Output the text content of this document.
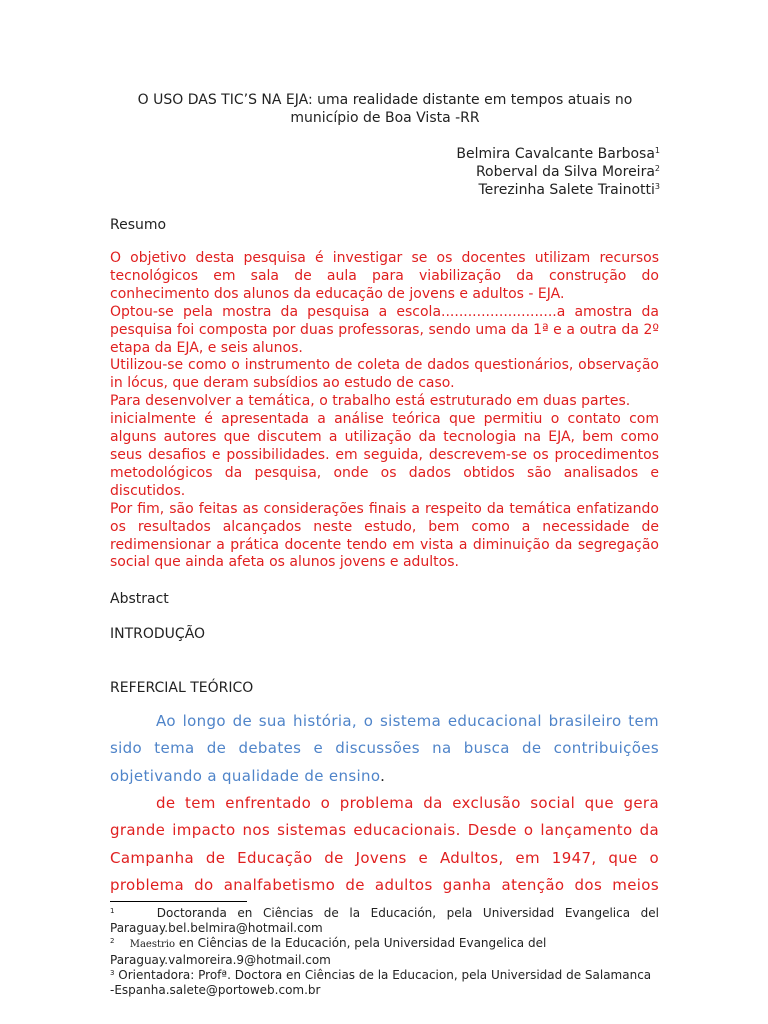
O USO DAS TIC’S NA EJA: uma realidade distante em tempos atuais no
município de Boa Vista -RR
Belmira Cavalcante Barbosa$^1$
Roberval da Silva Moreira$^2$
Terezinha Salete Trainotti$^3$
Resumo

O objetivo desta pesquisa é investigar se os docentes utilizam recursos tecnológicos em sala de aula para viabilização da construção do conhecimento dos alunos da educação de jovens e adultos - EJA.

Optou-se pela mostra da pesquisa a escola..........................a amostra da pesquisa foi composta por duas professoras, sendo uma da 1ª e a outra da 2º etapa da EJA, e seis alunos.

Utilizou-se como o instrumento de coleta de dados questionários, observação in lócus, que deram subsídios ao estudo de caso.

Para desenvolver a temática, o trabalho está estruturado em duas partes.

inicialmente é apresentada a análise teórica que permitiu o contato com alguns autores que discutem a utilização da tecnologia na EJA, bem como seus desafios e possibilidades. em seguida, descrevem-se os procedimentos metodológicos da pesquisa, onde os dados obtidos são analisados e discutidos.

Por fim, são feitas as considerações finais a respeito da temática enfatizando os resultados alcançados neste estudo, bem como a necessidade de redimensionar a prática docente tendo em vista a diminuição da segregação social que ainda afeta os alunos jovens e adultos.

Abstract
INTRODUÇÃO
REFERCIAL TEÓRICO

Ao longo de sua história, o sistema educacional brasileiro tem sido tema de debates e discussões na busca de contribuições objetivando a qualidade de ensino.

de tem enfrentado o problema da exclusão social que gera grande impacto nos sistemas educacionais. Desde o lançamento da Campanha de Educação de Jovens e Adultos, em 1947, que o problema do analfabetismo de adultos ganha atenção dos meios

$^1$	Doctoranda en Ciências de la Educación, pela Universidad Evangelica del
Paraguay.bel.belmira@hotmail.com
$^2$ Maestrio en Ciências de la Educación, pela Universidad Evangelica del
Paraguay.valmoreira.9@hotmail.com
$^3$ Orientadora: Profª. Doctora en Ciências de la Educacion, pela Universidad de Salamanca
-Espanha.salete@portoweb.com.br
